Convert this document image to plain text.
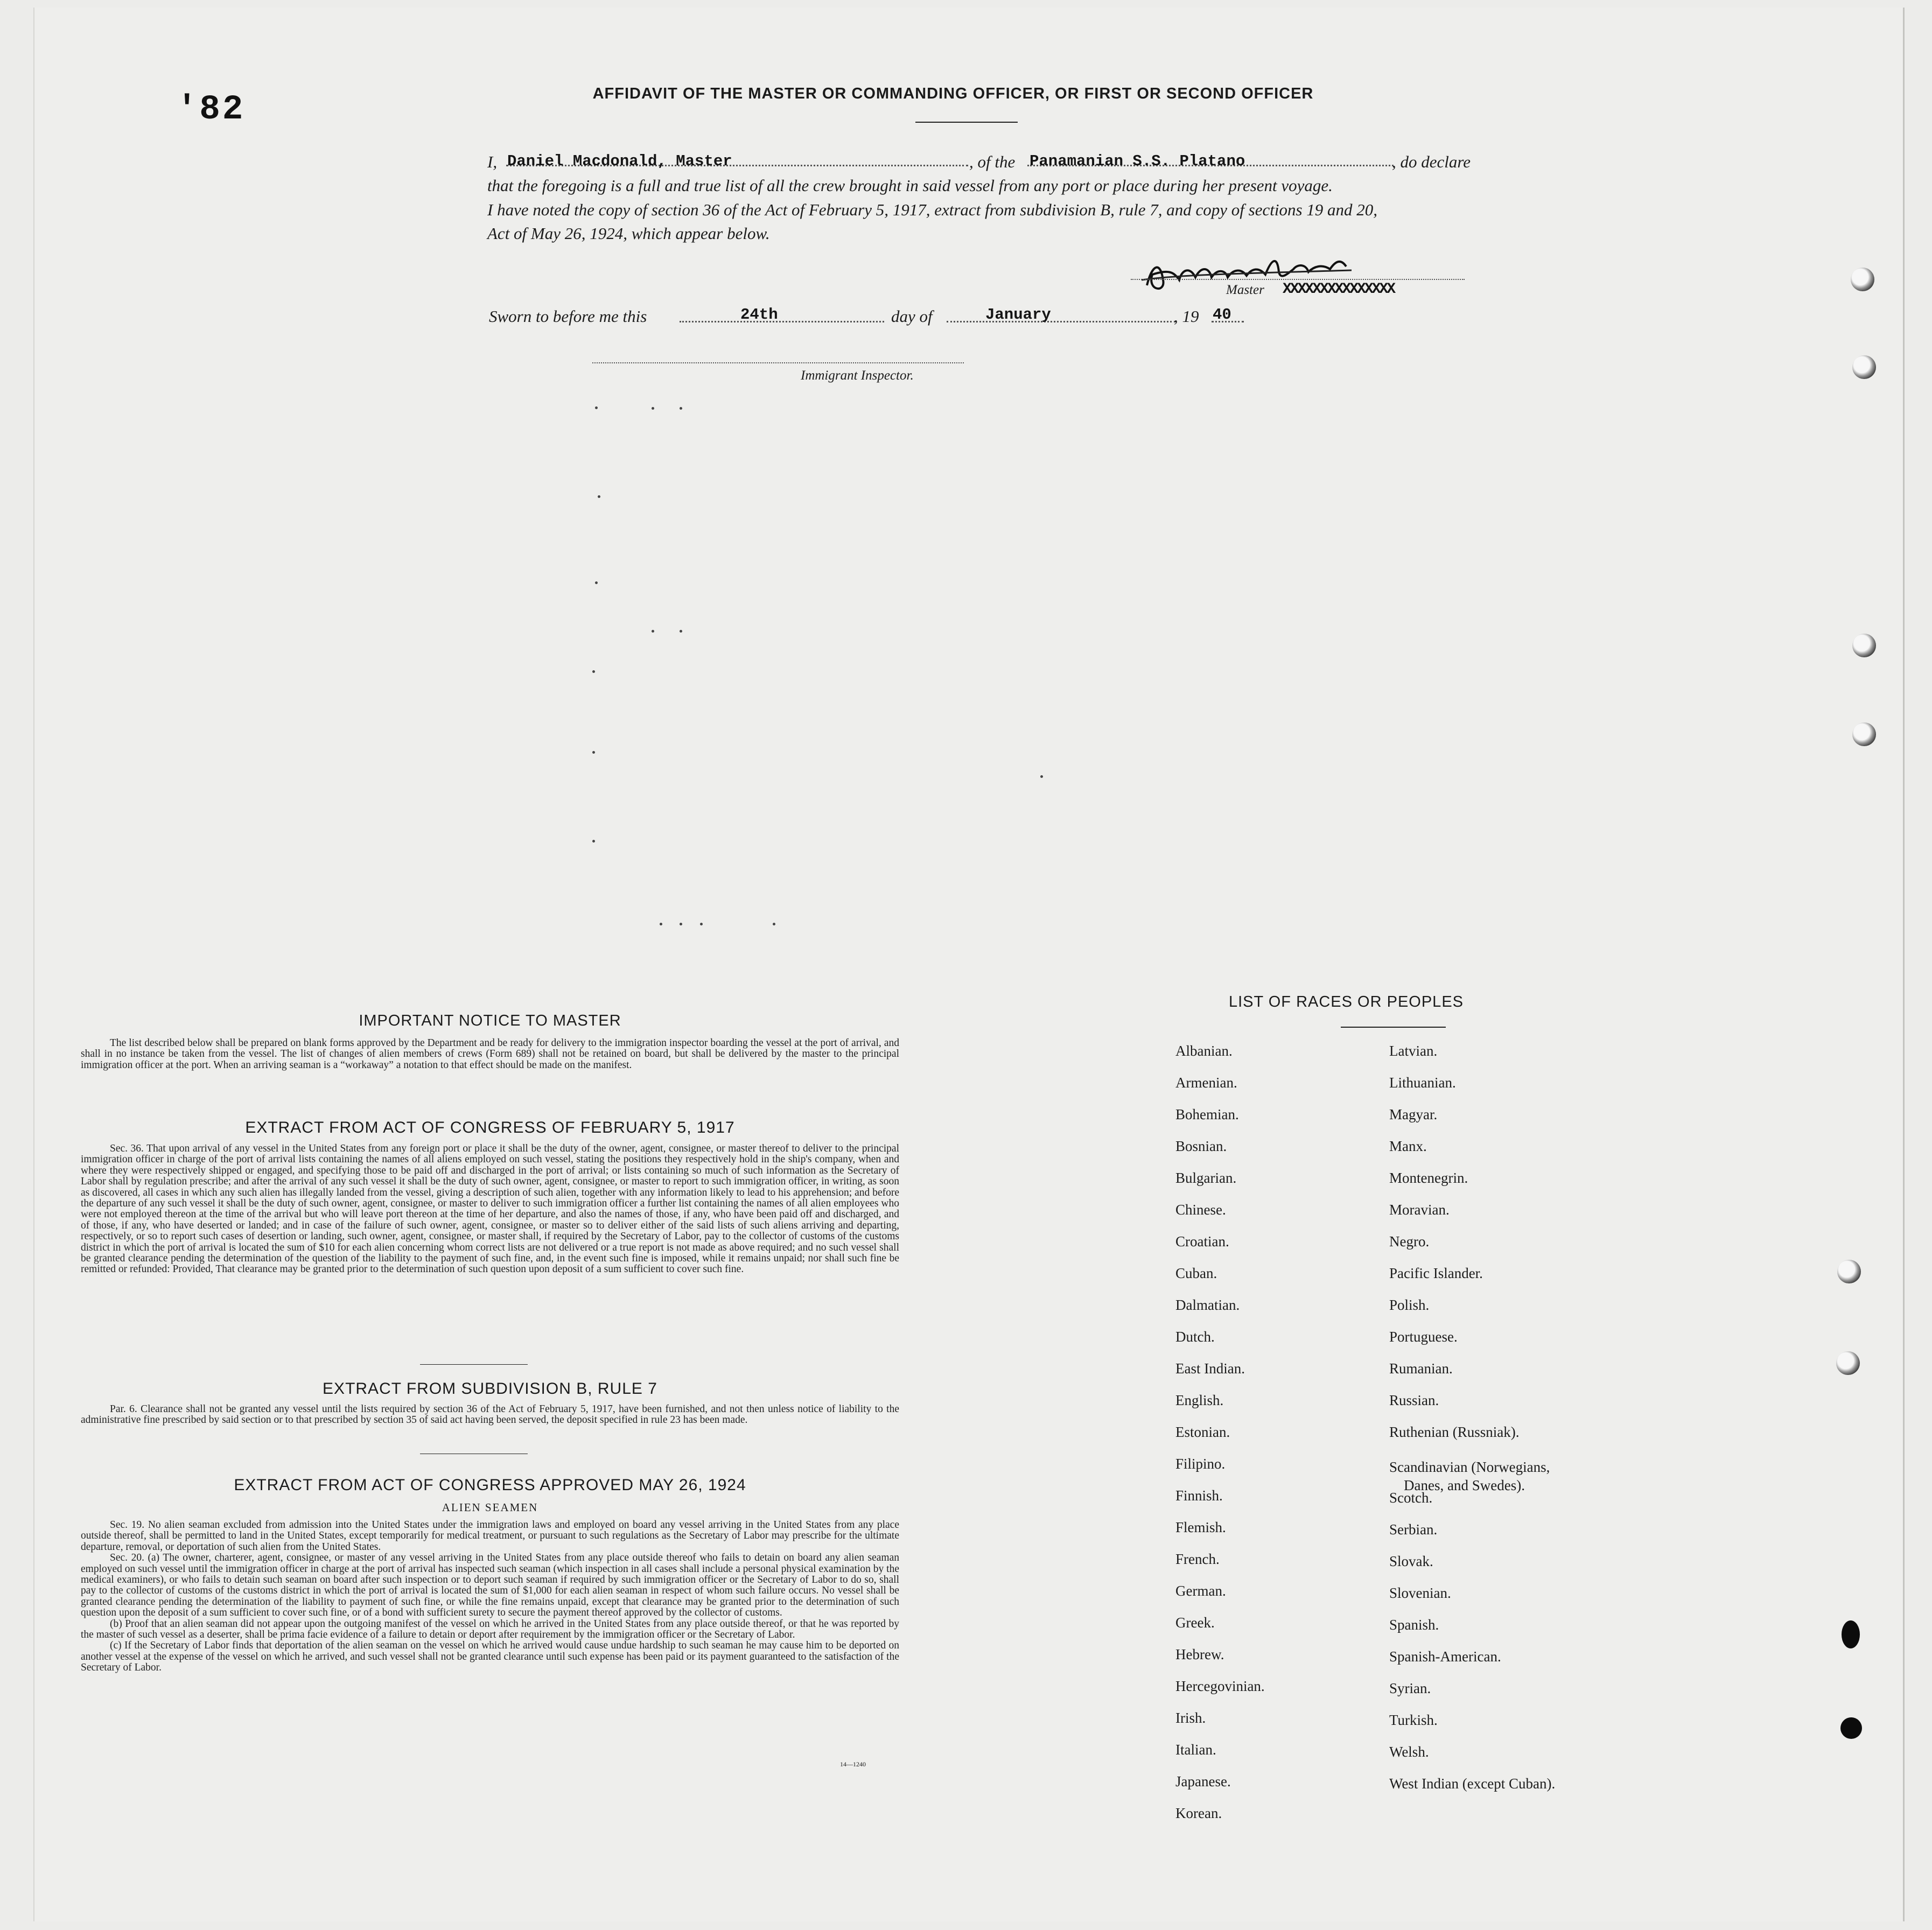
'82	AFFIDAVIT OF THE MASTER OR COMMANDING OFFICER, OR FIRST OR SECOND OFFICER
I, Daniel Macdonald, Master	, of the Panamanian S.S. Platano	, do declare
that the foregoing is a full and true list of all the crew brought in said vessel from any port or place during her present voyage.
I have noted the copy of section 36 of the Act of February 5, 1917, extract from subdivision B, rule 7, and copy of sections 19 and 20,
Act of May 26, 1924, which appear below.
Master XXXXXXXXXXXXXXX
Sworn to before me this	24th	day of	January	, 19 40
Immigrant Inspector.
IMPORTANT NOTICE TO MASTER

The list described below shall be prepared on blank forms approved by the Department and be ready for delivery to the immigration inspector boarding the vessel at the port of arrival, and shall in no instance be taken from the vessel. The list of changes of alien members of crews (Form 689) shall not be retained on board, but shall be delivered by the master to the principal immigration officer at the port. When an arriving seaman is a “workaway” a notation to that effect should be made on the manifest.

EXTRACT FROM ACT OF CONGRESS OF FEBRUARY 5, 1917

Sec. 36. That upon arrival of any vessel in the United States from any foreign port or place it shall be the duty of the owner, agent, consignee, or master thereof to deliver to the principal immigration officer in charge of the port of arrival lists containing the names of all aliens employed on such vessel, stating the positions they respectively hold in the ship's company, when and where they were respectively shipped or engaged, and specifying those to be paid off and discharged in the port of arrival; or lists containing so much of such information as the Secretary of Labor shall by regulation prescribe; and after the arrival of any such vessel it shall be the duty of such owner, agent, consignee, or master to report to such immigration officer, in writing, as soon as discovered, all cases in which any such alien has illegally landed from the vessel, giving a description of such alien, together with any information likely to lead to his apprehension; and before the departure of any such vessel it shall be the duty of such owner, agent, consignee, or master to deliver to such immigration officer a further list containing the names of all alien employees who were not employed thereon at the time of the arrival but who will leave port thereon at the time of her departure, and also the names of those, if any, who have been paid off and discharged, and of those, if any, who have deserted or landed; and in case of the failure of such owner, agent, consignee, or master so to deliver either of the said lists of such aliens arriving and departing, respectively, or so to report such cases of desertion or landing, such owner, agent, consignee, or master shall, if required by the Secretary of Labor, pay to the collector of customs of the customs district in which the port of arrival is located the sum of $10 for each alien concerning whom correct lists are not delivered or a true report is not made as above required; and no such vessel shall be granted clearance pending the determination of the question of the liability to the payment of such fine, and, in the event such fine is imposed, while it remains unpaid; nor shall such fine be remitted or refunded: Provided, That clearance may be granted prior to the determination of such question upon deposit of a sum sufficient to cover such fine.

EXTRACT FROM SUBDIVISION B, RULE 7

Par. 6. Clearance shall not be granted any vessel until the lists required by section 36 of the Act of February 5, 1917, have been furnished, and not then unless notice of liability to the administrative fine prescribed by said section or to that prescribed by section 35 of said act having been served, the deposit specified in rule 23 has been made.

EXTRACT FROM ACT OF CONGRESS APPROVED MAY 26, 1924
ALIEN SEAMEN

Sec. 19. No alien seaman excluded from admission into the United States under the immigration laws and employed on board any vessel arriving in the United States from any place outside thereof, shall be permitted to land in the United States, except temporarily for medical treatment, or pursuant to such regulations as the Secretary of Labor may prescribe for the ultimate departure, removal, or deportation of such alien from the United States.

Sec. 20. (a) The owner, charterer, agent, consignee, or master of any vessel arriving in the United States from any place outside thereof who fails to detain on board any alien seaman employed on such vessel until the immigration officer in charge at the port of arrival has inspected such seaman (which inspection in all cases shall include a personal physical examination by the medical examiners), or who fails to detain such seaman on board after such inspection or to deport such seaman if required by such immigration officer or the Secretary of Labor to do so, shall pay to the collector of customs of the customs district in which the port of arrival is located the sum of $1,000 for each alien seaman in respect of whom such failure occurs. No vessel shall be granted clearance pending the determination of the liability to payment of such fine, or while the fine remains unpaid, except that clearance may be granted prior to the determination of such question upon the deposit of a sum sufficient to cover such fine, or of a bond with sufficient surety to secure the payment thereof approved by the collector of customs.

(b) Proof that an alien seaman did not appear upon the outgoing manifest of the vessel on which he arrived in the United States from any place outside thereof, or that he was reported by the master of such vessel as a deserter, shall be prima facie evidence of a failure to detain or deport after requirement by the immigration officer or the Secretary of Labor.

(c) If the Secretary of Labor finds that deportation of the alien seaman on the vessel on which he arrived would cause undue hardship to such seaman he may cause him to be deported on another vessel at the expense of the vessel on which he arrived, and such vessel shall not be granted clearance until such expense has been paid or its payment guaranteed to the satisfaction of the Secretary of Labor.

14—1240
LIST OF RACES OR PEOPLES
Albanian.
Armenian.
Bohemian.
Bosnian.
Bulgarian.
Chinese.
Croatian.
Cuban.
Dalmatian.
Dutch.
East Indian.
English.
Estonian.
Filipino.
Finnish.
Flemish.
French.
German.
Greek.
Hebrew.
Hercegovinian.
Irish.
Italian.
Japanese.
Korean.
Latvian.
Lithuanian.
Magyar.
Manx.
Montenegrin.
Moravian.
Negro.
Pacific Islander.
Polish.
Portuguese.
Rumanian.
Russian.
Ruthenian (Russniak).
Scandinavian (Norwegians,
Danes, and Swedes).
Scotch.
Serbian.
Slovak.
Slovenian.
Spanish.
Spanish-American.
Syrian.
Turkish.
Welsh.
West Indian (except Cuban).
